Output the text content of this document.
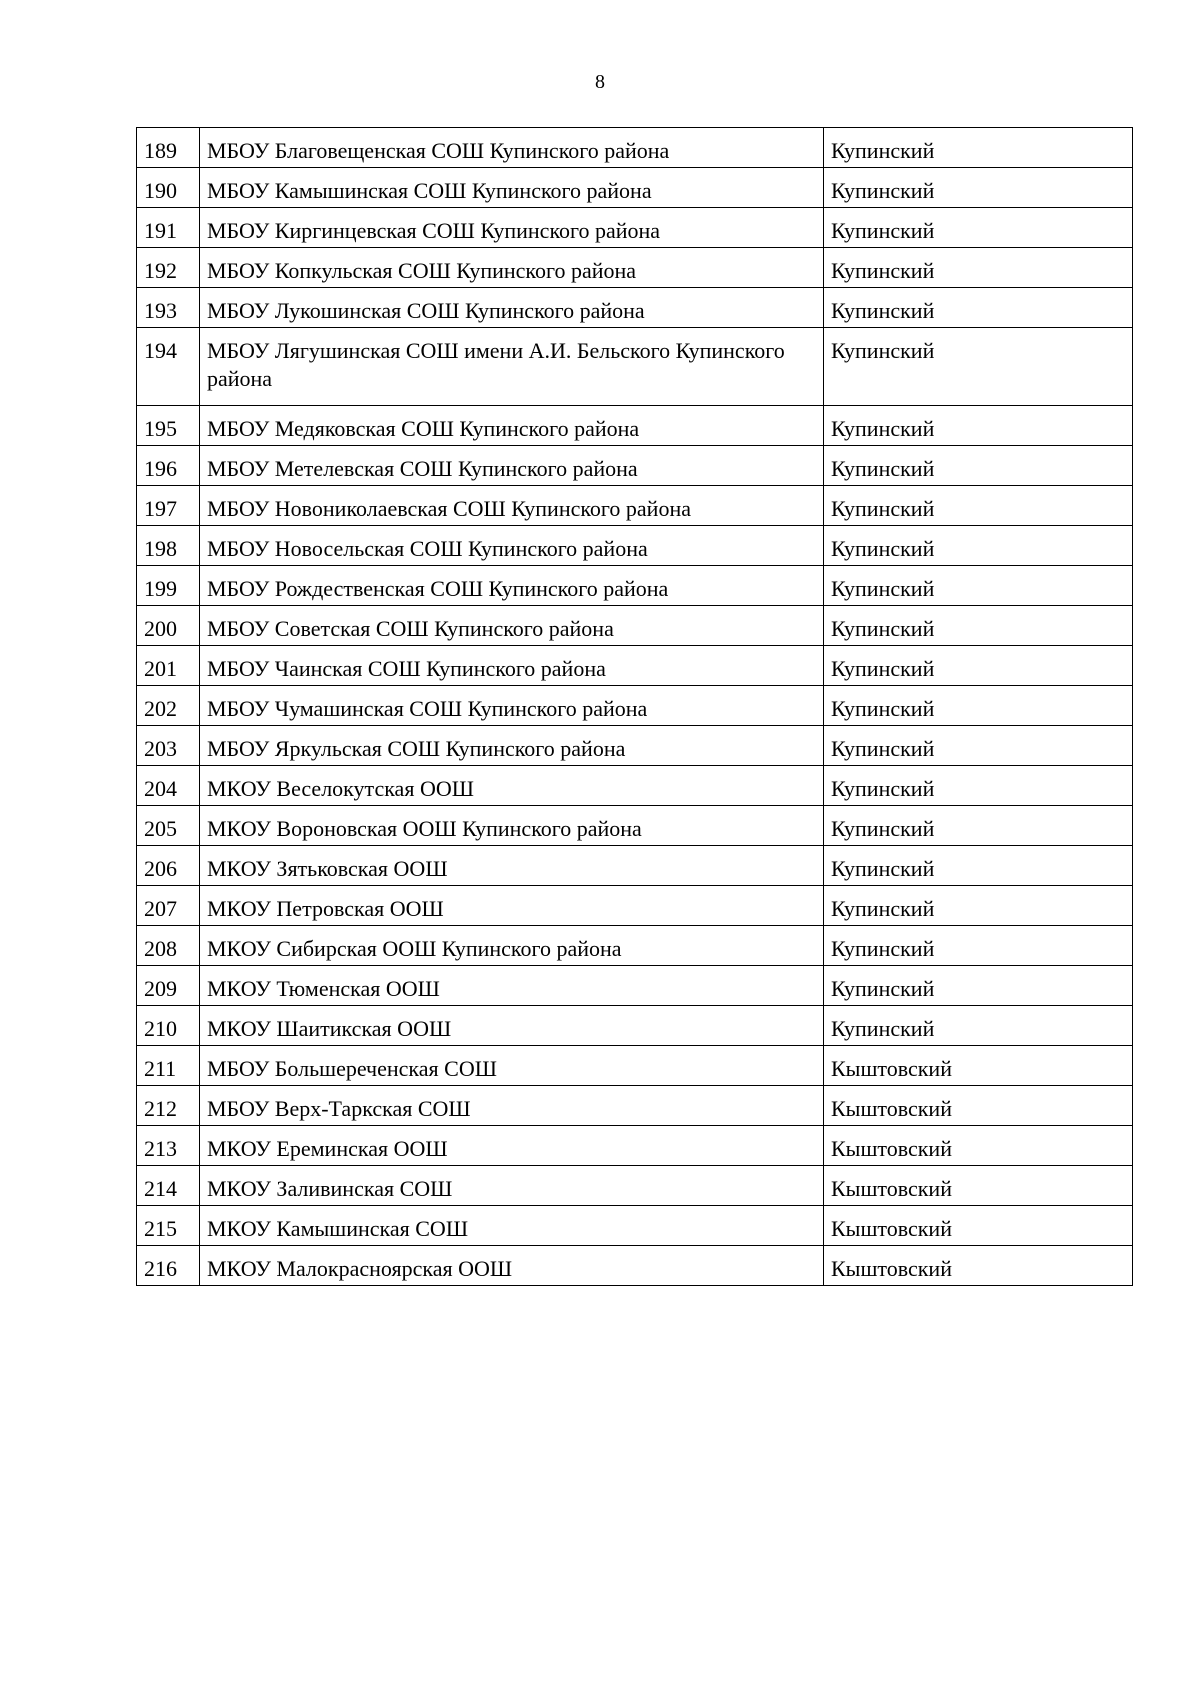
8
189	МБОУ Благовещенская СОШ Купинского района	Купинский
190	МБОУ Камышинская СОШ Купинского района	Купинский
191	МБОУ Киргинцевская СОШ Купинского района	Купинский
192	МБОУ Копкульская СОШ Купинского района	Купинский
193	МБОУ Лукошинская СОШ Купинского района	Купинский
194	МБОУ Лягушинская СОШ имени А.И. Бельского Купинского района	Купинский
195	МБОУ Медяковская СОШ Купинского района	Купинский
196	МБОУ Метелевская СОШ Купинского района	Купинский
197	МБОУ Новониколаевская СОШ Купинского района	Купинский
198	МБОУ Новосельская СОШ Купинского района	Купинский
199	МБОУ Рождественская СОШ Купинского района	Купинский
200	МБОУ Советская СОШ Купинского района	Купинский
201	МБОУ Чаинская СОШ Купинского района	Купинский
202	МБОУ Чумашинская СОШ Купинского района	Купинский
203	МБОУ Яркульская СОШ Купинского района	Купинский
204	МКОУ Веселокутская ООШ	Купинский
205	МКОУ Вороновская ООШ Купинского района	Купинский
206	МКОУ Зятьковская ООШ	Купинский
207	МКОУ Петровская ООШ	Купинский
208	МКОУ Сибирская ООШ Купинского района	Купинский
209	МКОУ Тюменская ООШ	Купинский
210	МКОУ Шаитикская ООШ	Купинский
211	МБОУ Большереченская СОШ	Кыштовский
212	МБОУ Верх-Таркская СОШ	Кыштовский
213	МКОУ Ереминская ООШ	Кыштовский
214	МКОУ Заливинская СОШ	Кыштовский
215	МКОУ Камышинская СОШ	Кыштовский
216	МКОУ Малокрасноярская ООШ	Кыштовский
